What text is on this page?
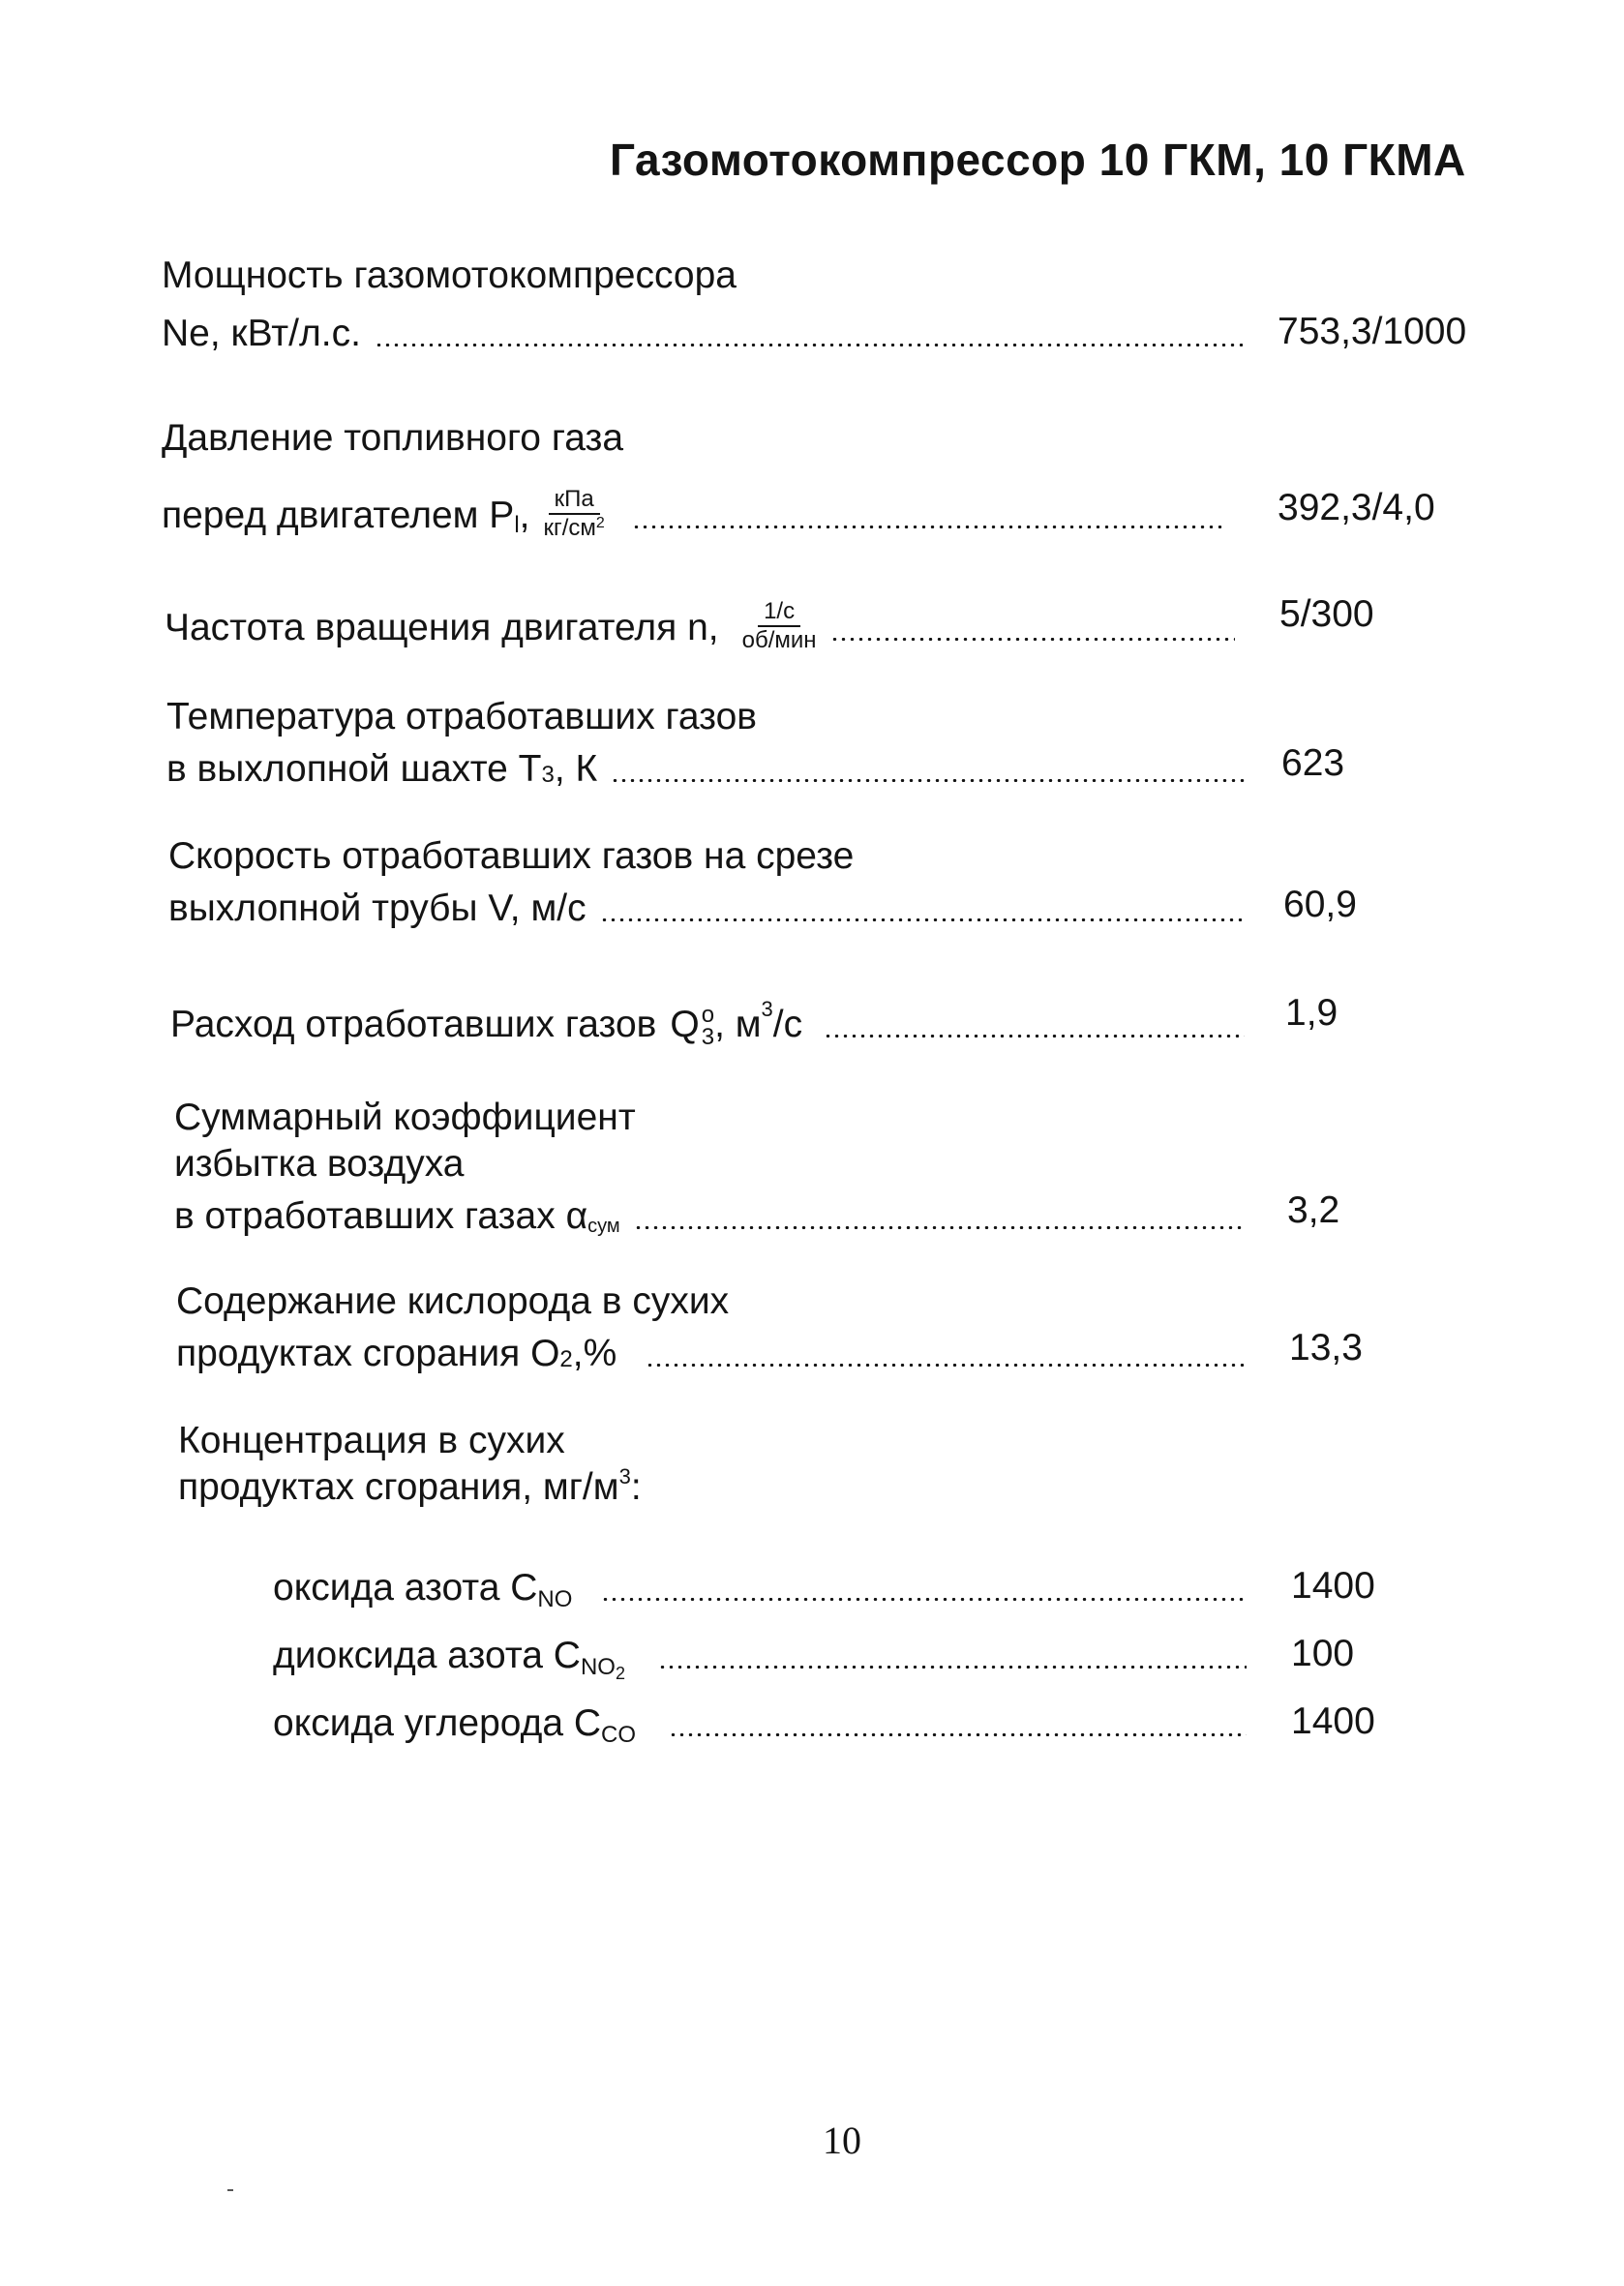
Газомотокомпрессор 10 ГКМ, 10 ГКМА
Мощность газомотокомпрессора
Ne, кВт/л.с.	753,3/1000
Давление топливного газа
перед двигателем P l , $\frac{\text{кПа}}{кг/см^2}$	392,3/4,0
Частота вращения двигателя n, $\frac{1/с}{\text{об/мин}}$	5/300
Температура отработавших газов
в выхлопной шахте Т 3 , К	623
Скорость отработавших газов на срезе
выхлопной трубы V, м/с	60,9
Расход отработавших газов Q o
3 , м 3 /с	1,9
Суммарный коэффициент
избытка воздуха
в отработавших газах α сум	3,2
Содержание кислорода в сухих
продуктах сгорания O 2 ,%	13,3
Концентрация в сухих
продуктах сгорания, $мг/м^3$:
оксида азота C NO	1400
диоксида азота C NO 2	100
оксида углерода C CO	1400
10
